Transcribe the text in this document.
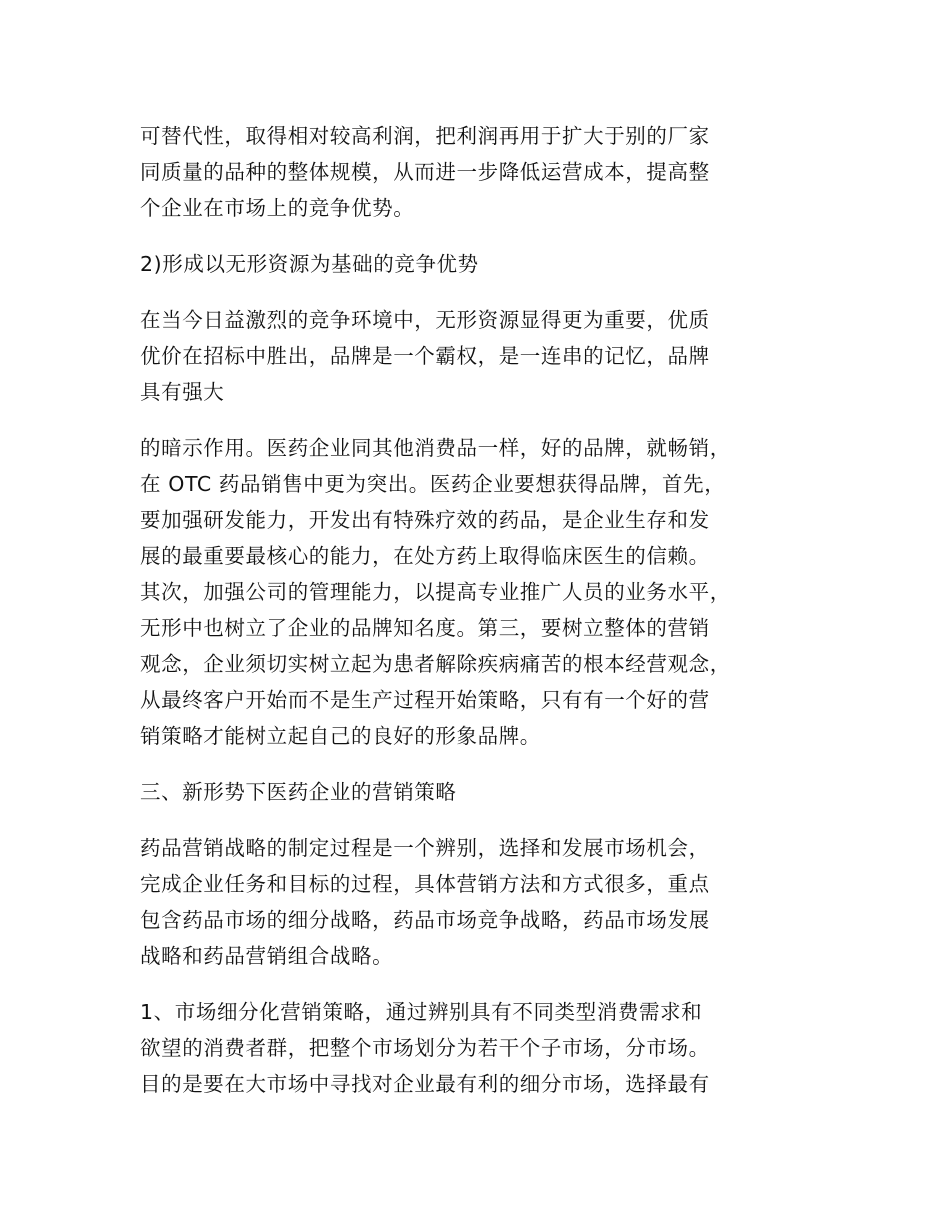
可替代性，取得相对较高利润，把利润再用于扩大于别的厂家
同质量的品种的整体规模，从而进一步降低运营成本，提高整
个企业在市场上的竞争优势。
2)形成以无形资源为基础的竞争优势
在当今日益激烈的竞争环境中，无形资源显得更为重要，优质
优价在招标中胜出，品牌是一个霸权，是一连串的记忆，品牌
具有强大
的暗示作用。医药企业同其他消费品一样，好的品牌，就畅销，
在 OTC 药品销售中更为突出。医药企业要想获得品牌，首先，
要加强研发能力，开发出有特殊疗效的药品，是企业生存和发
展的最重要最核心的能力，在处方药上取得临床医生的信赖。
其次，加强公司的管理能力，以提高专业推广人员的业务水平，
无形中也树立了企业的品牌知名度。第三，要树立整体的营销
观念，企业须切实树立起为患者解除疾病痛苦的根本经营观念，
从最终客户开始而不是生产过程开始策略，只有有一个好的营
销策略才能树立起自己的良好的形象品牌。
三、新形势下医药企业的营销策略
药品营销战略的制定过程是一个辨别，选择和发展市场机会，
完成企业任务和目标的过程，具体营销方法和方式很多，重点
包含药品市场的细分战略，药品市场竞争战略，药品市场发展
战略和药品营销组合战略。
1、市场细分化营销策略，通过辨别具有不同类型消费需求和
欲望的消费者群，把整个市场划分为若干个子市场，分市场。
目的是要在大市场中寻找对企业最有利的细分市场，选择最有
